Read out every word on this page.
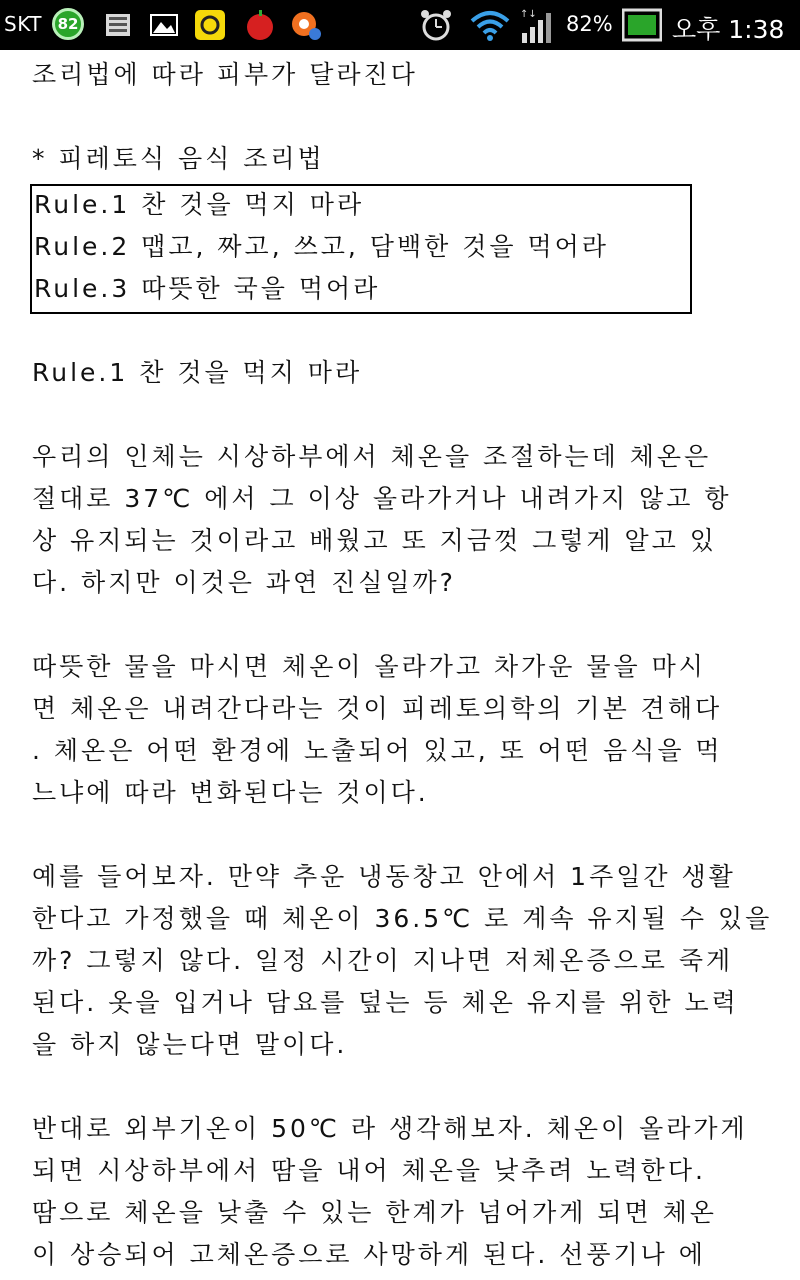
SKT	82
↑↓ 82% 오후 1:38
조리법에 따라 피부가 달라진다
* 피레토식 음식 조리법
Rule.1 찬 것을 먹지 마라
Rule.2 맵고, 짜고, 쓰고, 담백한 것을 먹어라
Rule.3 따뜻한 국을 먹어라
Rule.1 찬 것을 먹지 마라
우리의 인체는 시상하부에서 체온을 조절하는데 체온은
절대로 37℃ 에서 그 이상 올라가거나 내려가지 않고 항
상 유지되는 것이라고 배웠고 또 지금껏 그렇게 알고 있
다. 하지만 이것은 과연 진실일까?
따뜻한 물을 마시면 체온이 올라가고 차가운 물을 마시
면 체온은 내려간다라는 것이 피레토의학의 기본 견해다
. 체온은 어떤 환경에 노출되어 있고, 또 어떤 음식을 먹
느냐에 따라 변화된다는 것이다.
예를 들어보자. 만약 추운 냉동창고 안에서 1주일간 생활
한다고 가정했을 때 체온이 36.5℃ 로 계속 유지될 수 있을
까? 그렇지 않다. 일정 시간이 지나면 저체온증으로 죽게
된다. 옷을 입거나 담요를 덮는 등 체온 유지를 위한 노력
을 하지 않는다면 말이다.
반대로 외부기온이 50℃ 라 생각해보자. 체온이 올라가게
되면 시상하부에서 땀을 내어 체온을 낮추려 노력한다.
땀으로 체온을 낮출 수 있는 한계가 넘어가게 되면 체온
이 상승되어 고체온증으로 사망하게 된다. 선풍기나 에
